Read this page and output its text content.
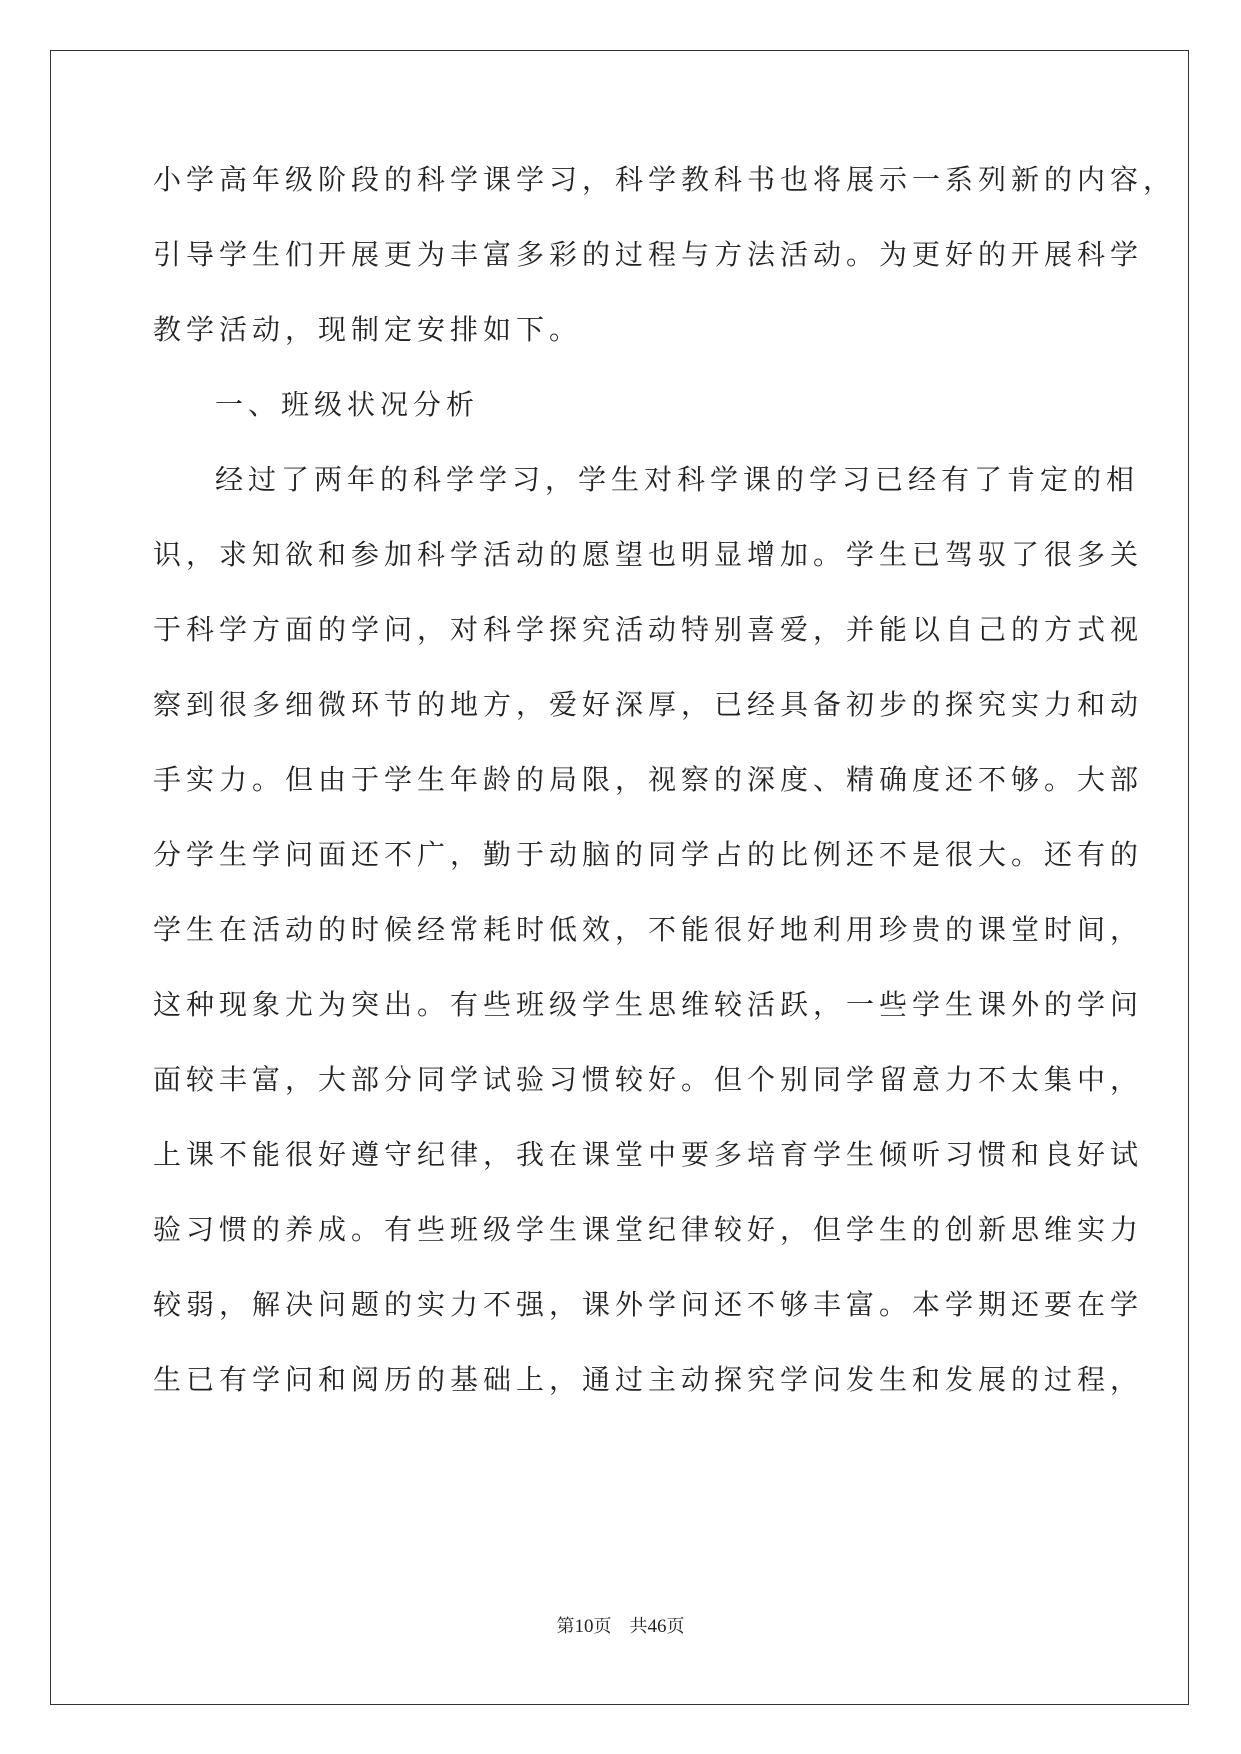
小学高年级阶段的科学课学习，科学教科书也将展示一系列新的内容，
引导学生们开展更为丰富多彩的过程与方法活动。为更好的开展科学
教学活动，现制定安排如下。
一、班级状况分析
经过了两年的科学学习，学生对科学课的学习已经有了肯定的相
识，求知欲和参加科学活动的愿望也明显增加。学生已驾驭了很多关
于科学方面的学问，对科学探究活动特别喜爱，并能以自己的方式视
察到很多细微环节的地方，爱好深厚，已经具备初步的探究实力和动
手实力。但由于学生年龄的局限，视察的深度、精确度还不够。大部
分学生学问面还不广，勤于动脑的同学占的比例还不是很大。还有的
学生在活动的时候经常耗时低效，不能很好地利用珍贵的课堂时间，
这种现象尤为突出。有些班级学生思维较活跃，一些学生课外的学问
面较丰富，大部分同学试验习惯较好。但个别同学留意力不太集中，
上课不能很好遵守纪律，我在课堂中要多培育学生倾听习惯和良好试
验习惯的养成。有些班级学生课堂纪律较好，但学生的创新思维实力
较弱，解决问题的实力不强，课外学问还不够丰富。本学期还要在学
生已有学问和阅历的基础上，通过主动探究学问发生和发展的过程，
第10页 共46页
